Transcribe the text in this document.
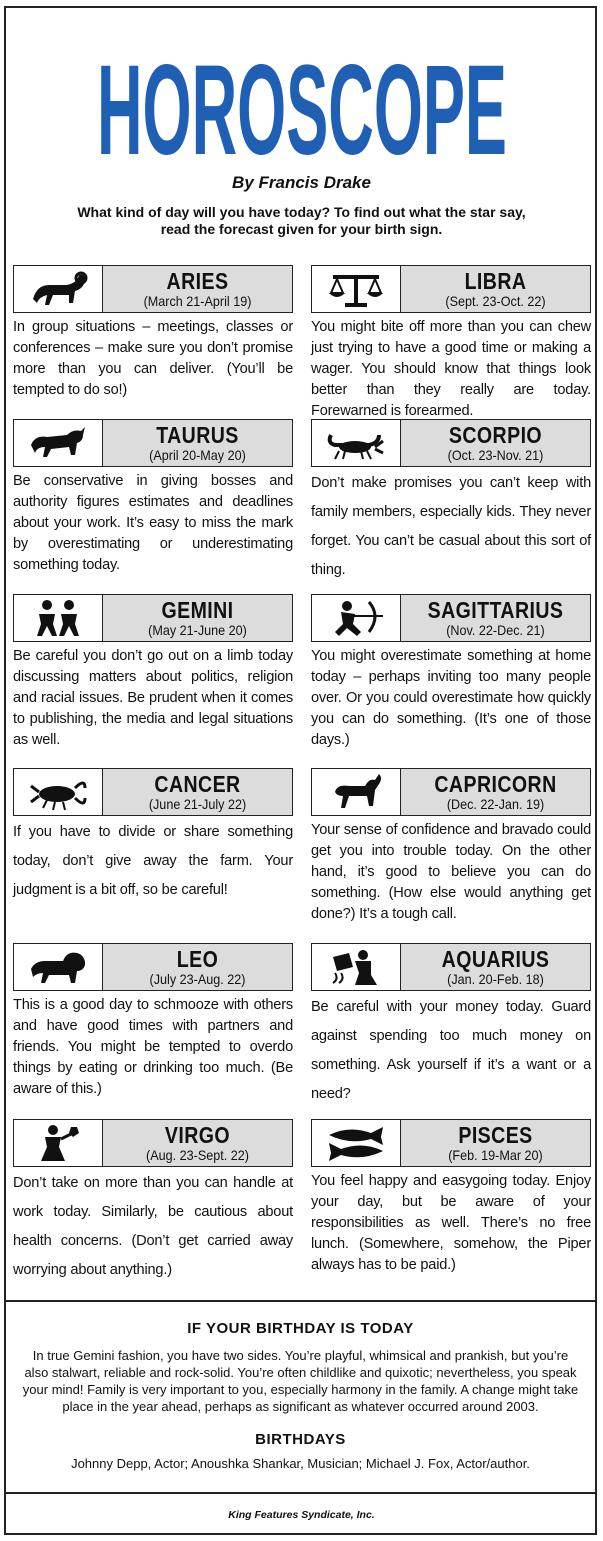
HOROSCOPE
By Francis Drake
What kind of day will you have today? To find out what the star say,
read the forecast given for your birth sign.
ARIES
(March 21-April 19)
In group situations – meetings, classes or conferences – make sure you don’t promise more than you can deliver. (You’ll be tempted to do so!)
LIBRA
(Sept. 23-Oct. 22)
You might bite off more than you can chew just trying to have a good time or making a wager. You should know that things look better than they really are today. Forewarned is forearmed.
TAURUS
(April 20-May 20)
Be conservative in giving bosses and authority figures estimates and deadlines about your work. It’s easy to miss the mark by overestimating or underestimating something today.
SCORPIO
(Oct. 23-Nov. 21)
Don’t make promises you can’t keep with family members, especially kids. They never forget. You can’t be casual about this sort of thing.
GEMINI
(May 21-June 20)
Be careful you don’t go out on a limb today discussing matters about politics, religion and racial issues. Be prudent when it comes to publishing, the media and legal situations as well.
SAGITTARIUS
(Nov. 22-Dec. 21)
You might overestimate something at home today – perhaps inviting too many people over. Or you could overestimate how quickly you can do something. (It’s one of those days.)
CANCER
(June 21-July 22)
If you have to divide or share something today, don’t give away the farm. Your judgment is a bit off, so be careful!
CAPRICORN
(Dec. 22-Jan. 19)
Your sense of confidence and bravado could get you into trouble today. On the other hand, it’s good to believe you can do something. (How else would anything get done?) It’s a tough call.
LEO
(July 23-Aug. 22)
This is a good day to schmooze with others and have good times with partners and friends. You might be tempted to overdo things by eating or drinking too much. (Be aware of this.)
AQUARIUS
(Jan. 20-Feb. 18)
Be careful with your money today. Guard against spending too much money on something. Ask yourself if it’s a want or a need?
VIRGO
(Aug. 23-Sept. 22)
Don’t take on more than you can handle at work today. Similarly, be cautious about health concerns. (Don’t get carried away worrying about anything.)
PISCES
(Feb. 19-Mar 20)
You feel happy and easygoing today. Enjoy your day, but be aware of your responsibilities as well. There’s no free lunch. (Somewhere, somehow, the Piper always has to be paid.)
IF YOUR BIRTHDAY IS TODAY
In true Gemini fashion, you have two sides. You’re playful, whimsical and prankish, but you’re also stalwart, reliable and rock-solid. You’re often childlike and quixotic; nevertheless, you speak your mind! Family is very important to you, especially harmony in the family. A change might take place in the year ahead, perhaps as significant as whatever occurred around 2003.
BIRTHDAYS
Johnny Depp, Actor; Anoushka Shankar, Musician; Michael J. Fox, Actor/author.
King Features Syndicate, Inc.
